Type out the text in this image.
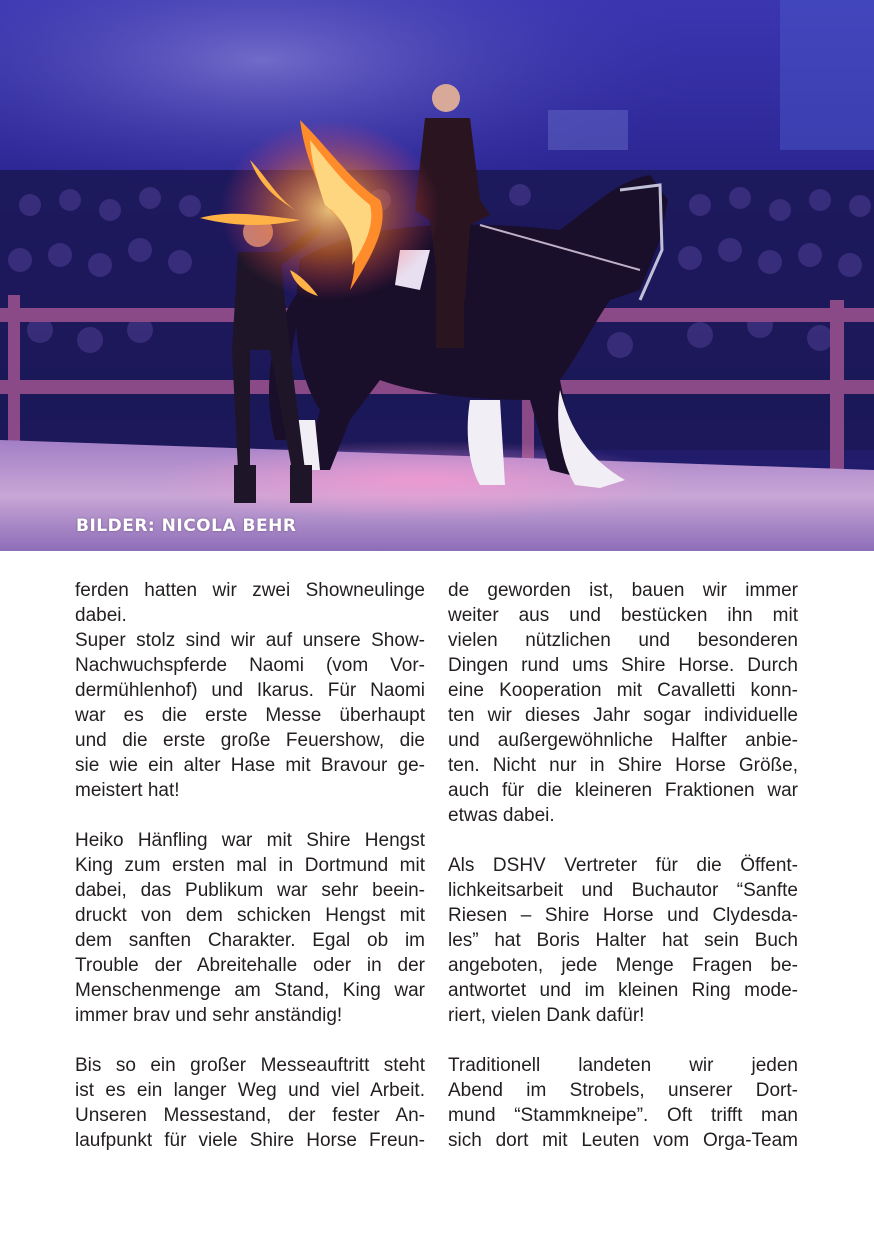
BILDER: NICOLA BEHR
ferden hatten wir zwei Showneulinge
dabei.
Super stolz sind wir auf unsere Show-
Nachwuchspferde Naomi (vom Vor-
dermühlenhof) und Ikarus. Für Naomi
war es die erste Messe überhaupt
und die erste große Feuershow, die
sie wie ein alter Hase mit Bravour ge-
meistert hat!
Heiko Hänfling war mit Shire Hengst
King zum ersten mal in Dortmund mit
dabei, das Publikum war sehr beein-
druckt von dem schicken Hengst mit
dem sanften Charakter. Egal ob im
Trouble der Abreitehalle oder in der
Menschenmenge am Stand, King war
immer brav und sehr anständig!
Bis so ein großer Messeauftritt steht
ist es ein langer Weg und viel Arbeit.
Unseren Messestand, der fester An-
laufpunkt für viele Shire Horse Freun-
de geworden ist, bauen wir immer
weiter aus und bestücken ihn mit
vielen nützlichen und besonderen
Dingen rund ums Shire Horse. Durch
eine Kooperation mit Cavalletti konn-
ten wir dieses Jahr sogar individuelle
und außergewöhnliche Halfter anbie-
ten. Nicht nur in Shire Horse Größe,
auch für die kleineren Fraktionen war
etwas dabei.
Als DSHV Vertreter für die Öffent-
lichkeitsarbeit und Buchautor “Sanfte
Riesen – Shire Horse und Clydesda-
les” hat Boris Halter hat sein Buch
angeboten, jede Menge Fragen be-
antwortet und im kleinen Ring mode-
riert, vielen Dank dafür!
Traditionell landeten wir jeden
Abend im Strobels, unserer Dort-
mund “Stammkneipe”. Oft trifft man
sich dort mit Leuten vom Orga-Team
